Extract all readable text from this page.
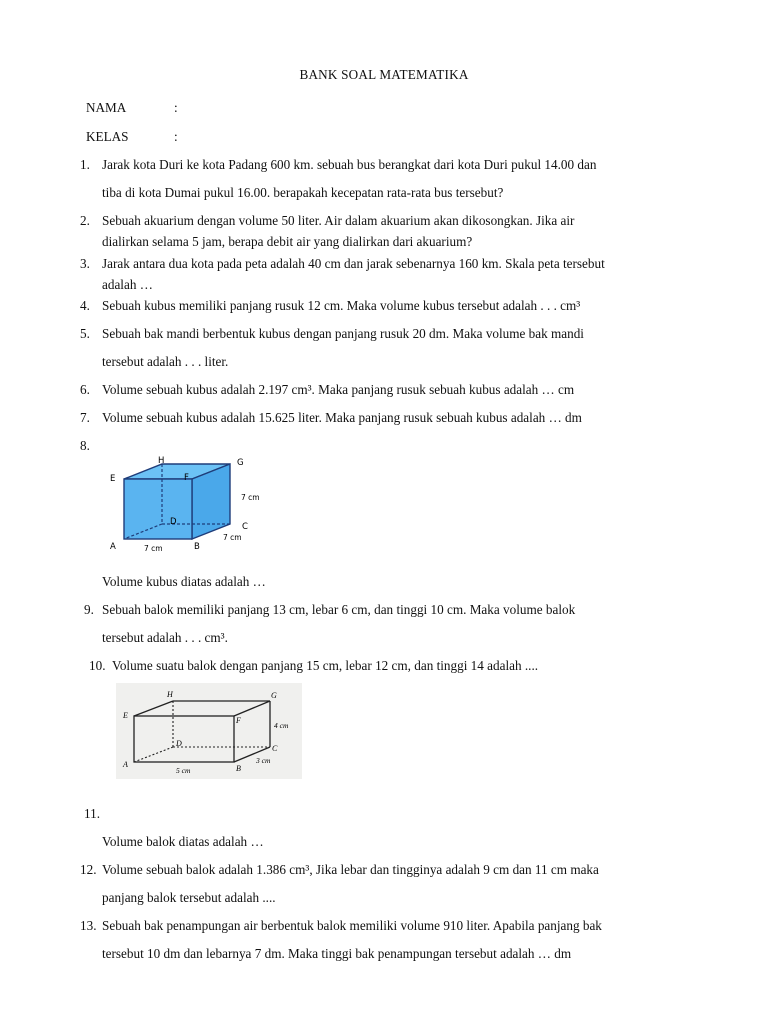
BANK SOAL MATEMATIKA
NAMA	:
KELAS	:
1. Jarak kota Duri ke kota Padang 600 km. sebuah bus berangkat dari kota Duri pukul 14.00 dan
tiba di kota Dumai pukul 16.00. berapakah kecepatan rata-rata bus tersebut?
2. Sebuah akuarium dengan volume 50 liter. Air dalam akuarium akan dikosongkan. Jika air
dialirkan selama 5 jam, berapa debit air yang dialirkan dari akuarium?
3. Jarak antara dua kota pada peta adalah 40 cm dan jarak sebenarnya 160 km. Skala peta tersebut
adalah …
4. Sebuah kubus memiliki panjang rusuk 12 cm. Maka volume kubus tersebut adalah . . . cm³
5. Sebuah bak mandi berbentuk kubus dengan panjang rusuk 20 dm. Maka volume bak mandi
tersebut adalah . . . liter.
6. Volume sebuah kubus adalah 2.197 cm³. Maka panjang rusuk sebuah kubus adalah … cm
7. Volume sebuah kubus adalah 15.625 liter. Maka panjang rusuk sebuah kubus adalah … dm
8.
H	G
E	F
D	C
A	B
7 cm
7 cm
7 cm
Volume kubus diatas adalah …
9. Sebuah balok memiliki panjang 13 cm, lebar 6 cm, dan tinggi 10 cm. Maka volume balok
tersebut adalah . . . cm³.
10. Volume suatu balok dengan panjang 15 cm, lebar 12 cm, dan tinggi 14 adalah ....
H	G
E
F
D
C
A	B
4 cm
3 cm
5 cm
11.
Volume balok diatas adalah …
12. Volume sebuah balok adalah 1.386 cm³, Jika lebar dan tingginya adalah 9 cm dan 11 cm maka
panjang balok tersebut adalah ....
13. Sebuah bak penampungan air berbentuk balok memiliki volume 910 liter. Apabila panjang bak
tersebut 10 dm dan lebarnya 7 dm. Maka tinggi bak penampungan tersebut adalah … dm
